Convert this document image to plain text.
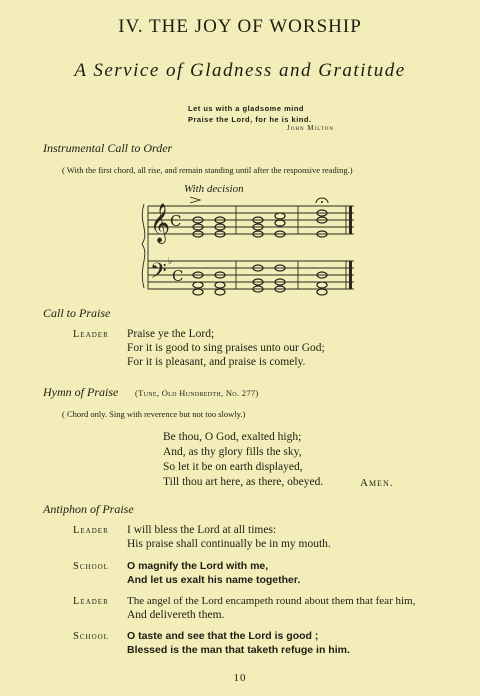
IV. THE JOY OF WORSHIP
A Service of Gladness and Gratitude
Let us with a gladsome mind
Praise the Lord, for he is kind.
John Milton
Instrumental Call to Order
( With the first chord, all rise, and remain standing until after the responsive reading.)
With decision
𝄞
𝄢
C
C
♭
Call to Praise
Leader Praise ye the Lord;
For it is good to sing praises unto our God;
For it is pleasant, and praise is comely.
Hymn of Praise (Tune, Old Hundredth, No. 277)
( Chord only. Sing with reverence but not too slowly.)
Be thou, O God, exalted high;
And, as thy glory fills the sky,
So let it be on earth displayed,
Till thou art here, as there, obeyed.	Amen.
Antiphon of Praise
Leader I will bless the Lord at all times:
His praise shall continually be in my mouth.
School O magnify the Lord with me,
And let us exalt his name together.
Leader The angel of the Lord encampeth round about them that fear him,
And delivereth them.
School O taste and see that the Lord is good ;
Blessed is the man that taketh refuge in him.
10
